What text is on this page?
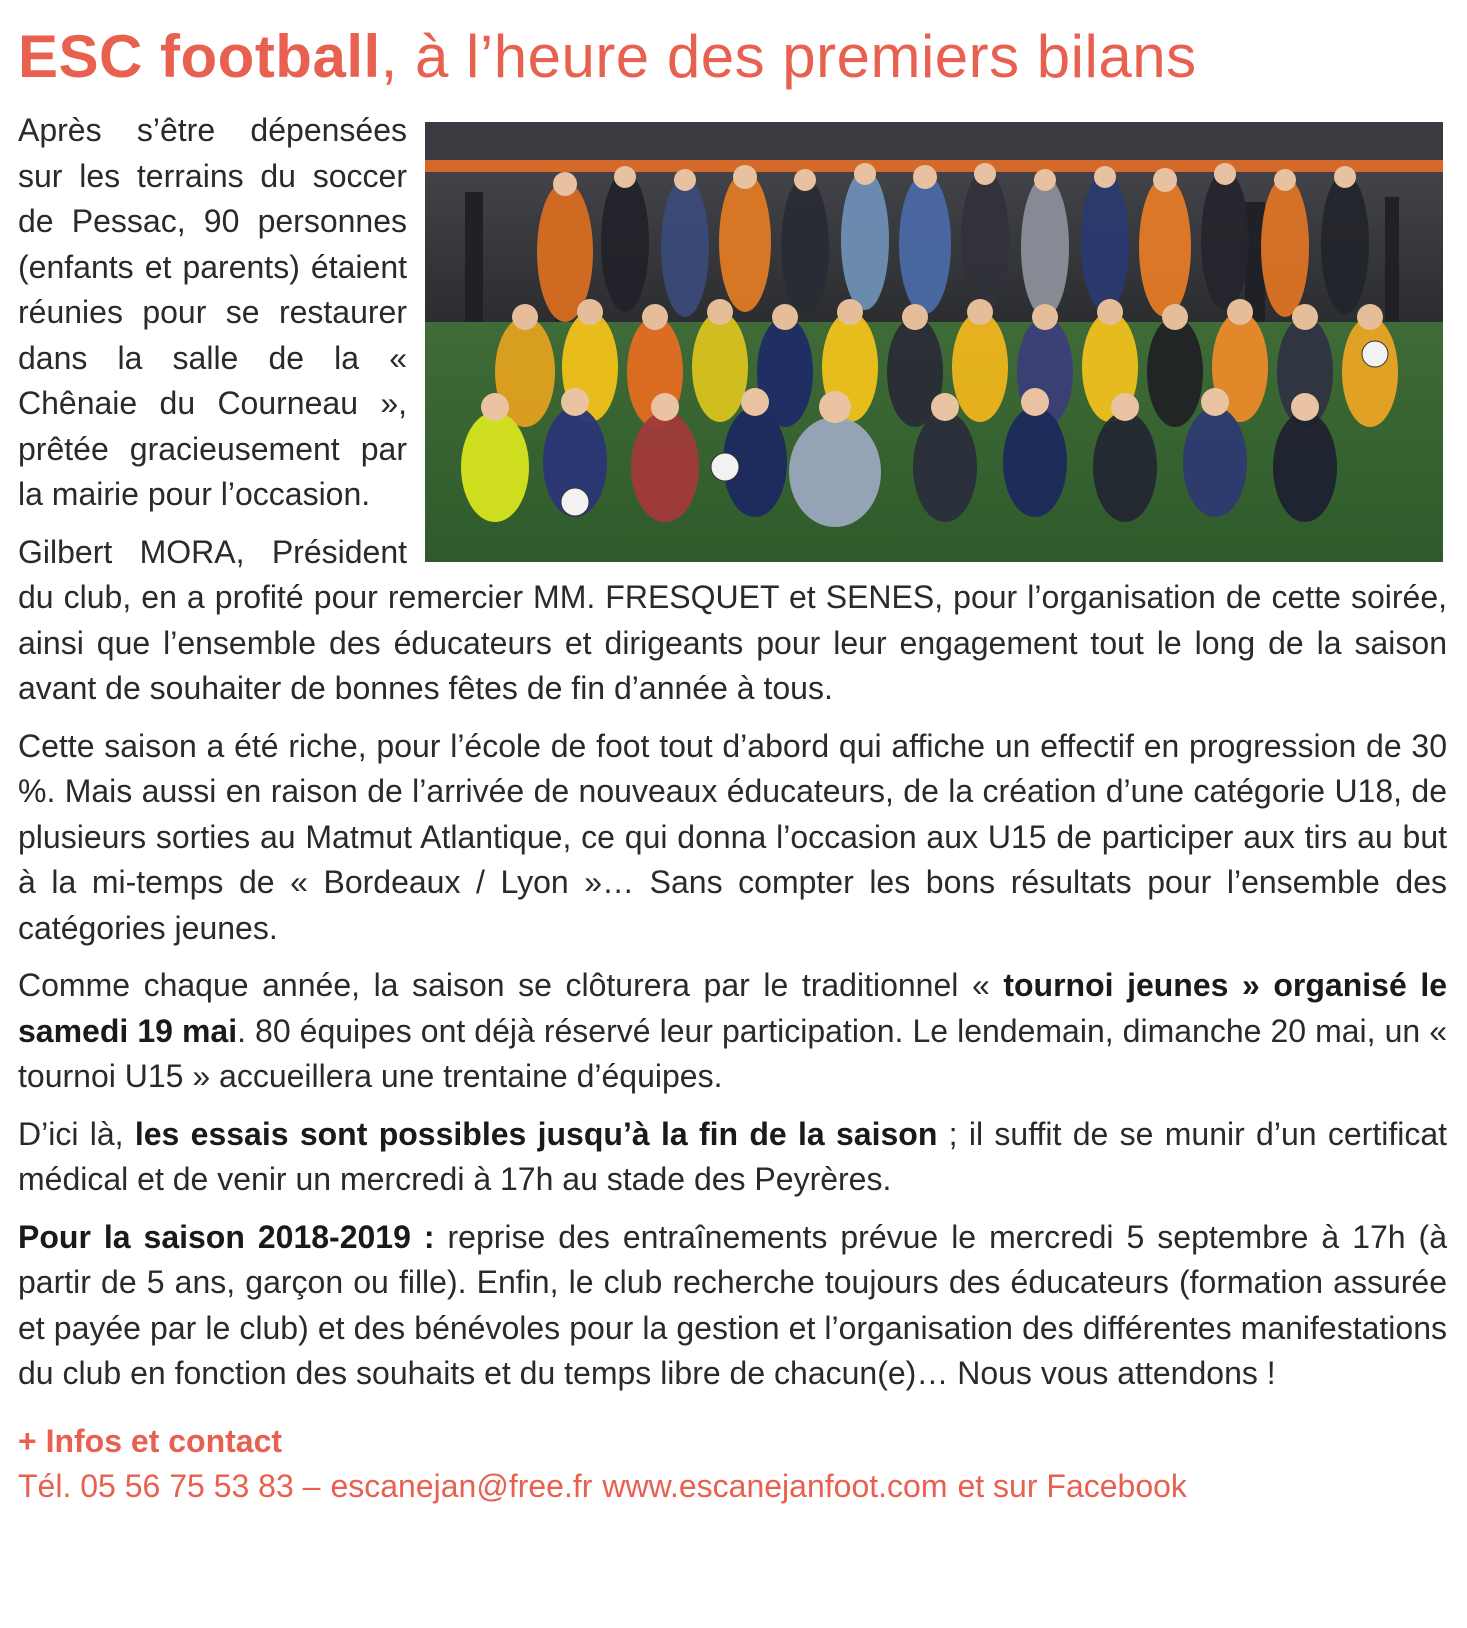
ESC football, à l’heure des premiers bilans

Après s’être dépensées sur les terrains du soccer de Pessac, 90 personnes (enfants et parents) étaient réunies pour se restaurer dans la salle de la « Chênaie du Courneau », prêtée gracieusement par la mairie pour l’occasion.

Gilbert MORA, Président du club, en a profité pour remercier MM. FRESQUET et SENES, pour l’organisation de cette soirée, ainsi que l’ensemble des éducateurs et dirigeants pour leur engagement tout le long de la saison avant de souhaiter de bonnes fêtes de fin d’année à tous.

Cette saison a été riche, pour l’école de foot tout d’abord qui affiche un effectif en progression de 30 %. Mais aussi en raison de l’arrivée de nouveaux éducateurs, de la création d’une catégorie U18, de plusieurs sorties au Matmut Atlantique, ce qui donna l’occasion aux U15 de participer aux tirs au but à la mi-temps de « Bordeaux / Lyon »… Sans compter les bons résultats pour l’ensemble des catégories jeunes.

Comme chaque année, la saison se clôturera par le traditionnel « tournoi jeunes » organisé le samedi 19 mai. 80 équipes ont déjà réservé leur participation. Le lendemain, dimanche 20 mai, un « tournoi U15 » accueillera une trentaine d’équipes.

D’ici là, les essais sont possibles jusqu’à la fin de la saison ; il suffit de se munir d’un certificat médical et de venir un mercredi à 17h au stade des Peyrères.

Pour la saison 2018-2019 : reprise des entraînements prévue le mercredi 5 septembre à 17h (à partir de 5 ans, garçon ou fille). Enfin, le club recherche toujours des éducateurs (formation assurée et payée par le club) et des bénévoles pour la gestion et l’organisation des différentes manifestations du club en fonction des souhaits et du temps libre de chacun(e)… Nous vous attendons !

+ Infos et contact
Tél. 05 56 75 53 83 – escanejan@free.fr www.escanejanfoot.com et sur Facebook
